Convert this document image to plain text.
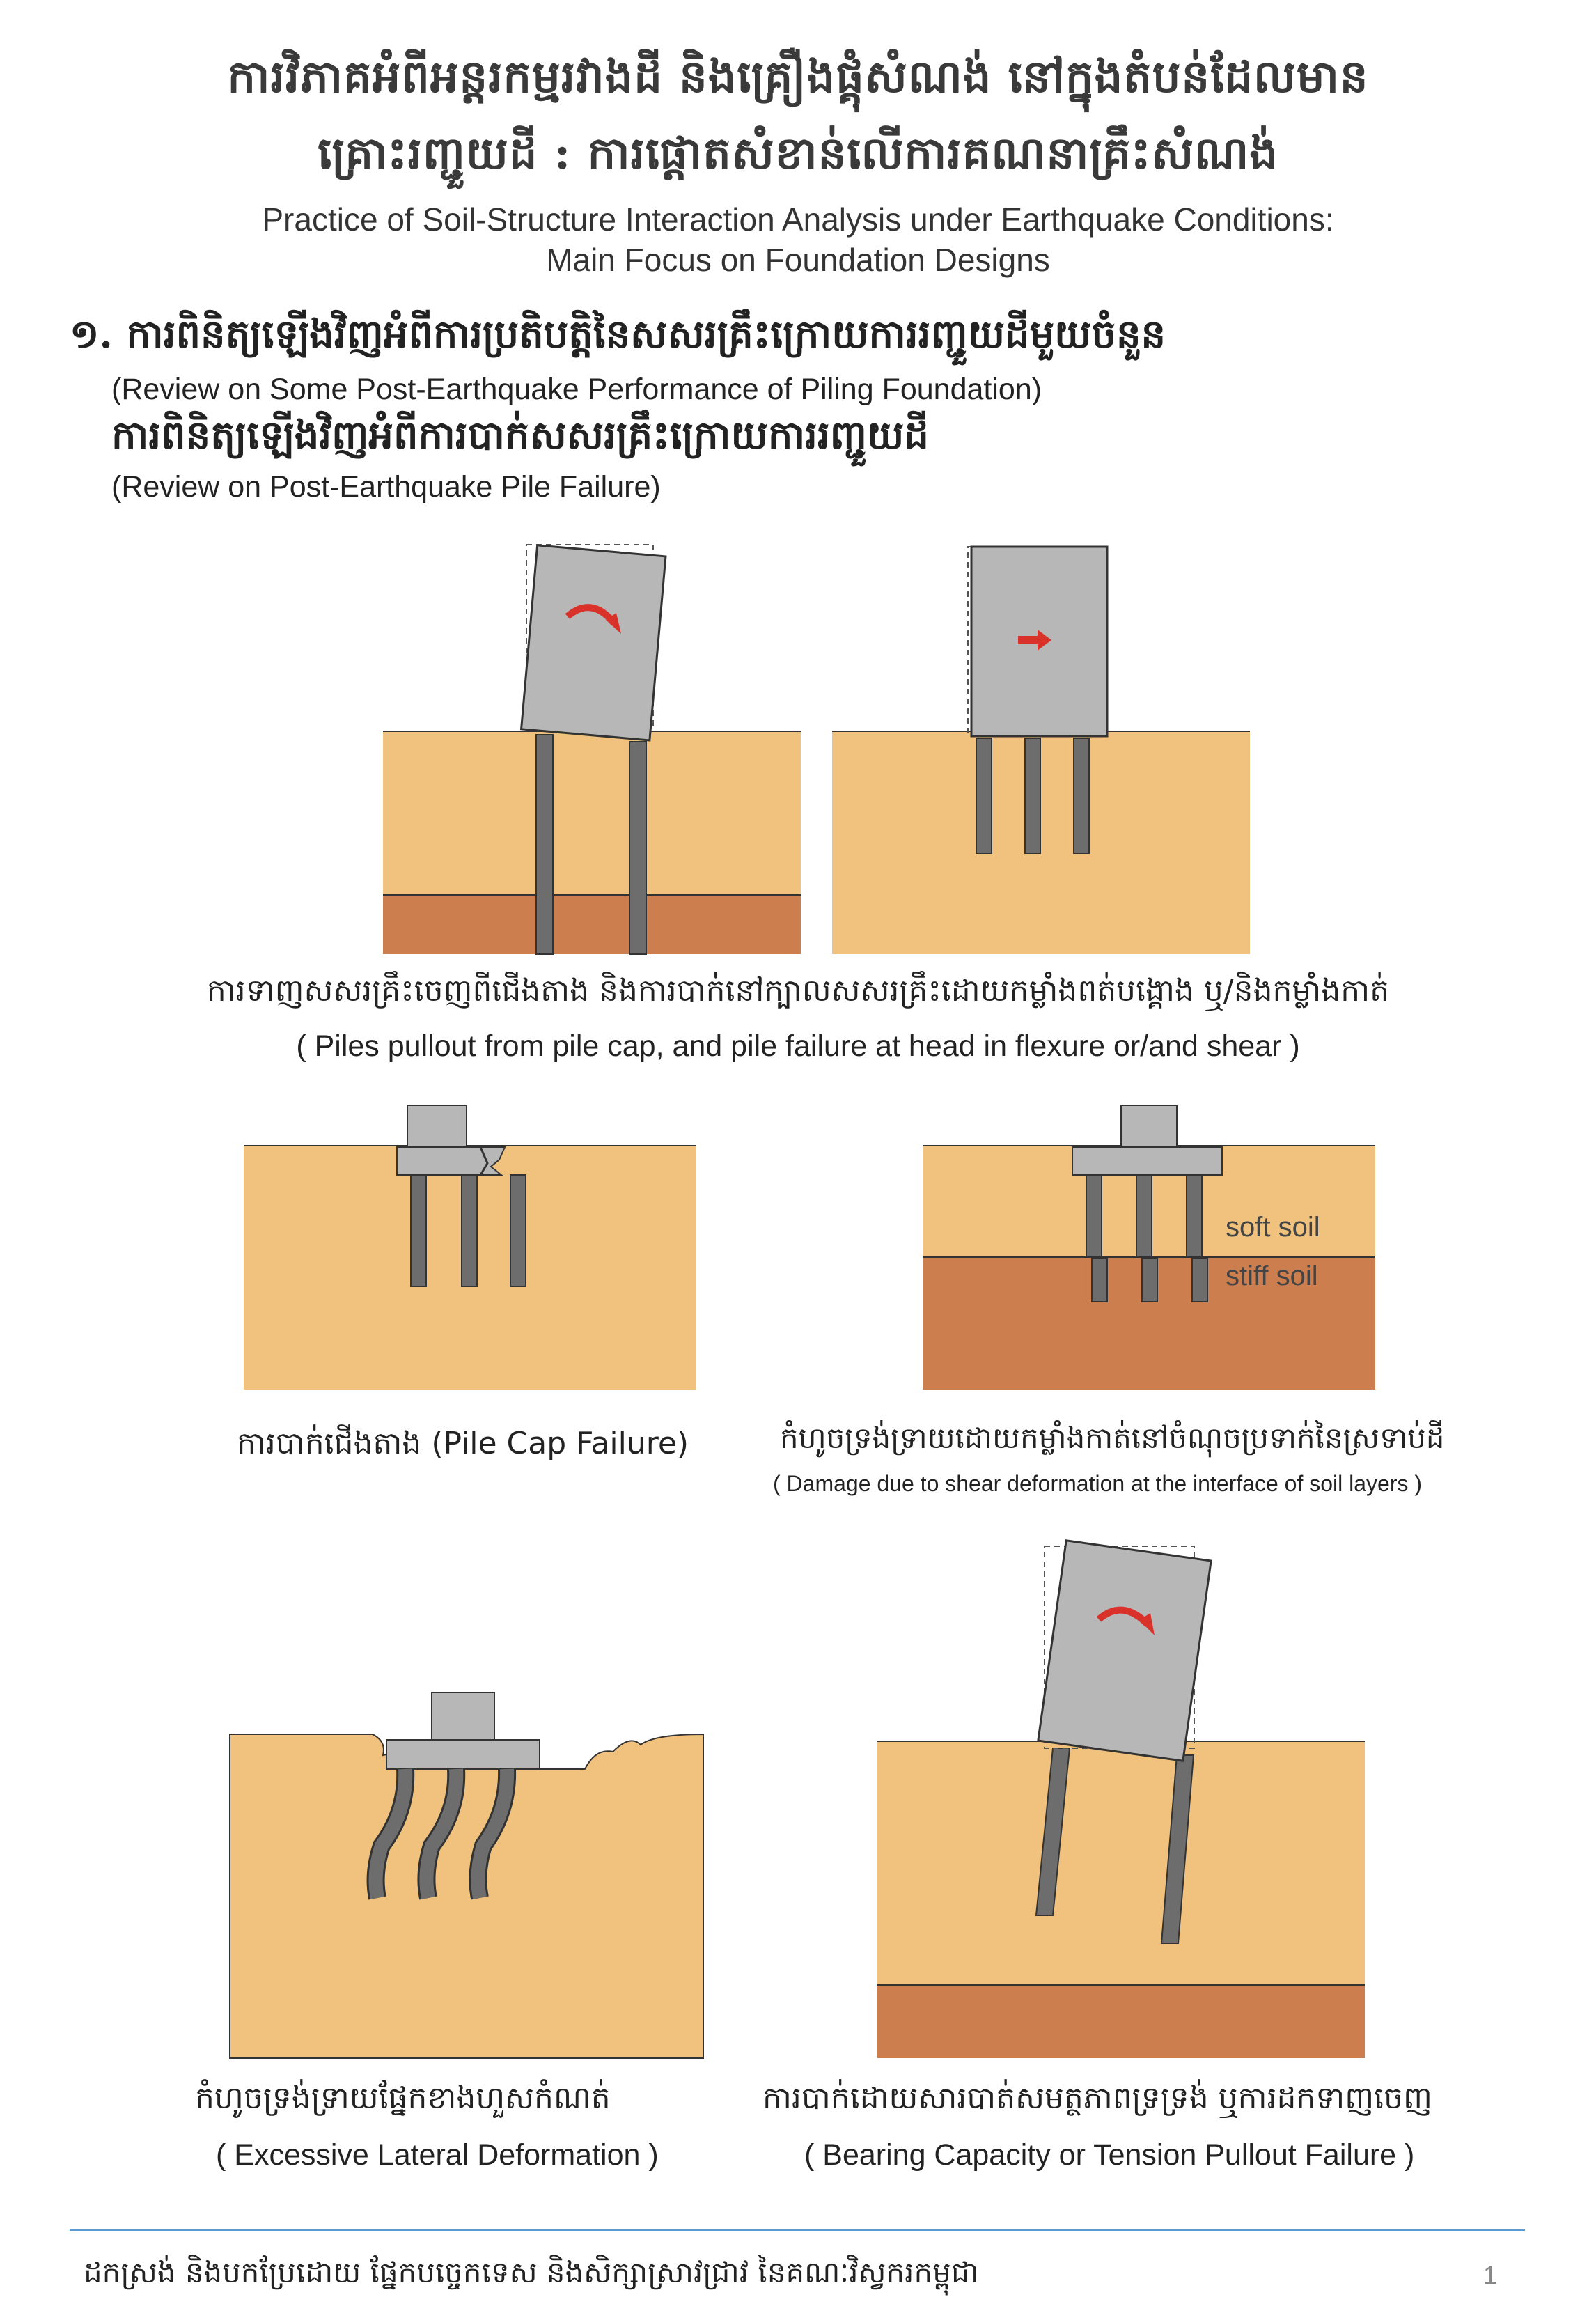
ការវិភាគអំពីអន្តរកម្មរវាងដី និងគ្រឿងផ្គុំសំណង់ នៅក្នុងតំបន់ដែលមាន
គ្រោះរញ្ជួយដី : ការផ្តោតសំខាន់លើការគណនាគ្រឹះសំណង់
Practice of Soil-Structure Interaction Analysis under Earthquake Conditions:
Main Focus on Foundation Designs
១. ការពិនិត្យឡើងវិញអំពីការប្រតិបត្តិនៃសសរគ្រឹះក្រោយការរញ្ជួយដីមួយចំនួន
(Review on Some Post-Earthquake Performance of Piling Foundation)
ការពិនិត្យឡើងវិញអំពីការបាក់សសរគ្រឹះក្រោយការរញ្ជួយដី
(Review on Post-Earthquake Pile Failure)
ការទាញសសរគ្រឹះចេញពីជើងតាង និងការបាក់នៅក្បាលសសរគ្រឹះដោយកម្លាំងពត់បង្គោង ឬ/និងកម្លាំងកាត់
( Piles pullout from pile cap, and pile failure at head in flexure or/and shear )
soft soil
stiff soil
ការបាក់ជើងតាង (Pile Cap Failure)	កំហូចទ្រង់ទ្រាយដោយកម្លាំងកាត់នៅចំណុចប្រទាក់នៃស្រទាប់ដី
( Damage due to shear deformation at the interface of soil layers )
កំហូចទ្រង់ទ្រាយផ្នែកខាងហួសកំណត់
( Excessive Lateral Deformation )
ការបាក់ដោយសារបាត់សមត្ថភាពទ្រទ្រង់ ឬការដកទាញចេញ
( Bearing Capacity or Tension Pullout Failure )
ដកស្រង់ និងបកប្រែដោយ ផ្នែកបច្ចេកទេស និងសិក្សាស្រាវជ្រាវ នៃគណៈវិស្វករកម្ពុជា	1
